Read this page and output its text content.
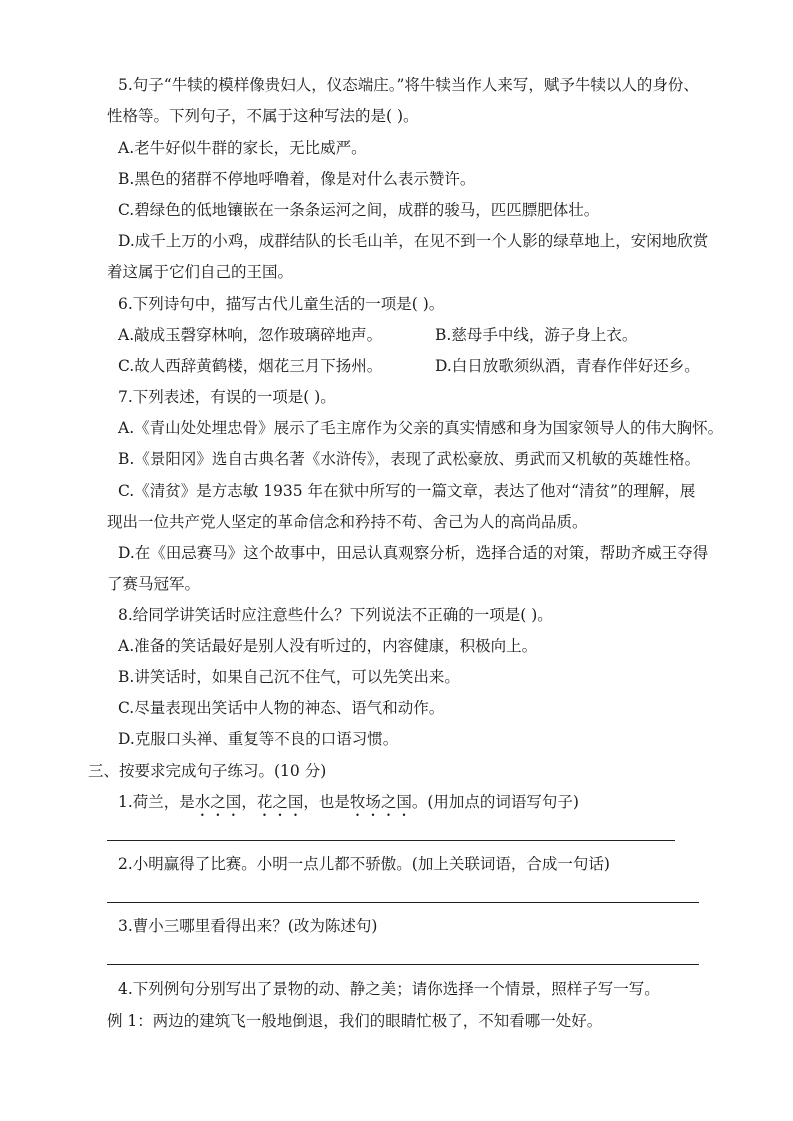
5.句子“牛犊的模样像贵妇人，仪态端庄。”将牛犊当作人来写，赋予牛犊以人的身份、
性格等。下列句子，不属于这种写法的是( )。
A.老牛好似牛群的家长，无比威严。
B.黑色的猪群不停地呼噜着，像是对什么表示赞许。
C.碧绿色的低地镶嵌在一条条运河之间，成群的骏马，匹匹膘肥体壮。
D.成千上万的小鸡，成群结队的长毛山羊，在见不到一个人影的绿草地上，安闲地欣赏
着这属于它们自己的王国。
6.下列诗句中，描写古代儿童生活的一项是( )。
A.敲成玉磬穿林响，忽作玻璃碎地声。	B.慈母手中线，游子身上衣。
C.故人西辞黄鹤楼，烟花三月下扬州。	D.白日放歌须纵酒，青春作伴好还乡。
7.下列表述，有误的一项是( )。
A.《青山处处埋忠骨》展示了毛主席作为父亲的真实情感和身为国家领导人的伟大胸怀。
B.《景阳冈》选自古典名著《水浒传》，表现了武松豪放、勇武而又机敏的英雄性格。
C.《清贫》是方志敏 1935 年在狱中所写的一篇文章，表达了他对“清贫”的理解，展
现出一位共产党人坚定的革命信念和矜持不苟、舍己为人的高尚品质。
D.在《田忌赛马》这个故事中，田忌认真观察分析，选择合适的对策，帮助齐威王夺得
了赛马冠军。
8.给同学讲笑话时应注意些什么？下列说法不正确的一项是( )。
A.准备的笑话最好是别人没有听过的，内容健康，积极向上。
B.讲笑话时，如果自己沉不住气，可以先笑出来。
C.尽量表现出笑话中人物的神态、语气和动作。
D.克服口头禅、重复等不良的口语习惯。
三、按要求完成句子练习。(10 分)
1.荷兰，是水之国，花之国，也是牧场之国。(用加点的词语写句子)
2.小明赢得了比赛。小明一点儿都不骄傲。(加上关联词语，合成一句话)
3.曹小三哪里看得出来？(改为陈述句)
4.下列例句分别写出了景物的动、静之美；请你选择一个情景，照样子写一写。
例 1：两边的建筑飞一般地倒退，我们的眼睛忙极了，不知看哪一处好。
